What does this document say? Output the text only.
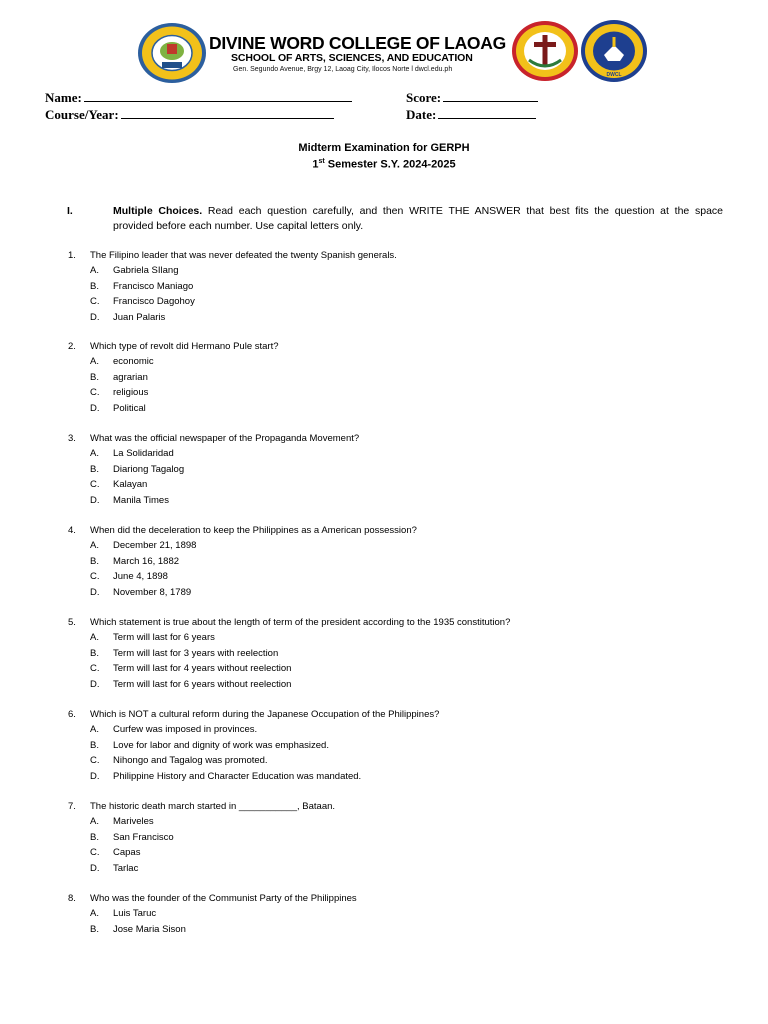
DWCL
DIVINE WORD COLLEGE OF LAOAG
SCHOOL OF ARTS, SCIENCES, AND EDUCATION
Gen. Segundo Avenue, Brgy 12, Laoag City, Ilocos Norte l dwcl.edu.ph
Name:
Course/Year:
Score:
Date:
Midterm Examination for GERPH
1st Semester S.Y. 2024-2025
I.	Multiple Choices. Read each question carefully, and then WRITE THE ANSWER that best fits the question at the space
provided before each number. Use capital letters only.
1. The Filipino leader that was never defeated the twenty Spanish generals.
A. Gabriela SIlang
B. Francisco Maniago
C. Francisco Dagohoy
D. Juan Palaris
2. Which type of revolt did Hermano Pule start?
A. economic
B. agrarian
C. religious
D. Political
3. What was the official newspaper of the Propaganda Movement?
A. La Solidaridad
B. Diariong Tagalog
C. Kalayan
D. Manila Times
4. When did the deceleration to keep the Philippines as a American possession?
A. December 21, 1898
B. March 16, 1882
C. June 4, 1898
D. November 8, 1789
5. Which statement is true about the length of term of the president according to the 1935 constitution?
A. Term will last for 6 years
B. Term will last for 3 years with reelection
C. Term will last for 4 years without reelection
D. Term will last for 6 years without reelection
6. Which is NOT a cultural reform during the Japanese Occupation of the Philippines?
A. Curfew was imposed in provinces.
B. Love for labor and dignity of work was emphasized.
C. Nihongo and Tagalog was promoted.
D. Philippine History and Character Education was mandated.
7. The historic death march started in ___________, Bataan.
A. Mariveles
B. San Francisco
C. Capas
D. Tarlac
8. Who was the founder of the Communist Party of the Philippines
A. Luis Taruc
B. Jose Maria Sison
